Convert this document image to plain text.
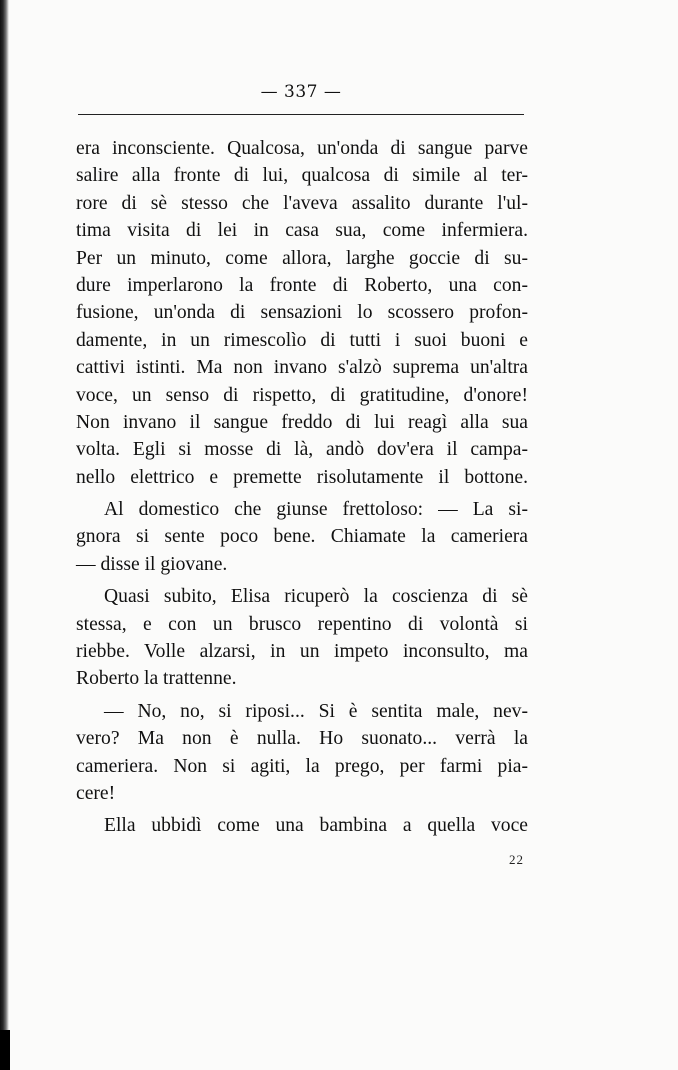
— 337 —
era inconsciente. Qualcosa, un'onda di sangue parve
salire alla fronte di lui, qualcosa di simile al ter-
rore di sè stesso che l'aveva assalito durante l'ul-
tima visita di lei in casa sua, come infermiera.
Per un minuto, come allora, larghe goccie di su-
dure imperlarono la fronte di Roberto, una con-
fusione, un'onda di sensazioni lo scossero profon-
damente, in un rimescolìo di tutti i suoi buoni e
cattivi istinti. Ma non invano s'alzò suprema un'altra
voce, un senso di rispetto, di gratitudine, d'onore!
Non invano il sangue freddo di lui reagì alla sua
volta. Egli si mosse di là, andò dov'era il campa-
nello elettrico e premette risolutamente il bottone.
Al domestico che giunse frettoloso: — La si-
gnora si sente poco bene. Chiamate la cameriera
— disse il giovane.
Quasi subito, Elisa ricuperò la coscienza di sè
stessa, e con un brusco repentino di volontà si
riebbe. Volle alzarsi, in un impeto inconsulto, ma
Roberto la trattenne.
— No, no, si riposi... Si è sentita male, nev-
vero? Ma non è nulla. Ho suonato... verrà la
cameriera. Non si agiti, la prego, per farmi pia-
cere!
Ella ubbidì come una bambina a quella voce
22
